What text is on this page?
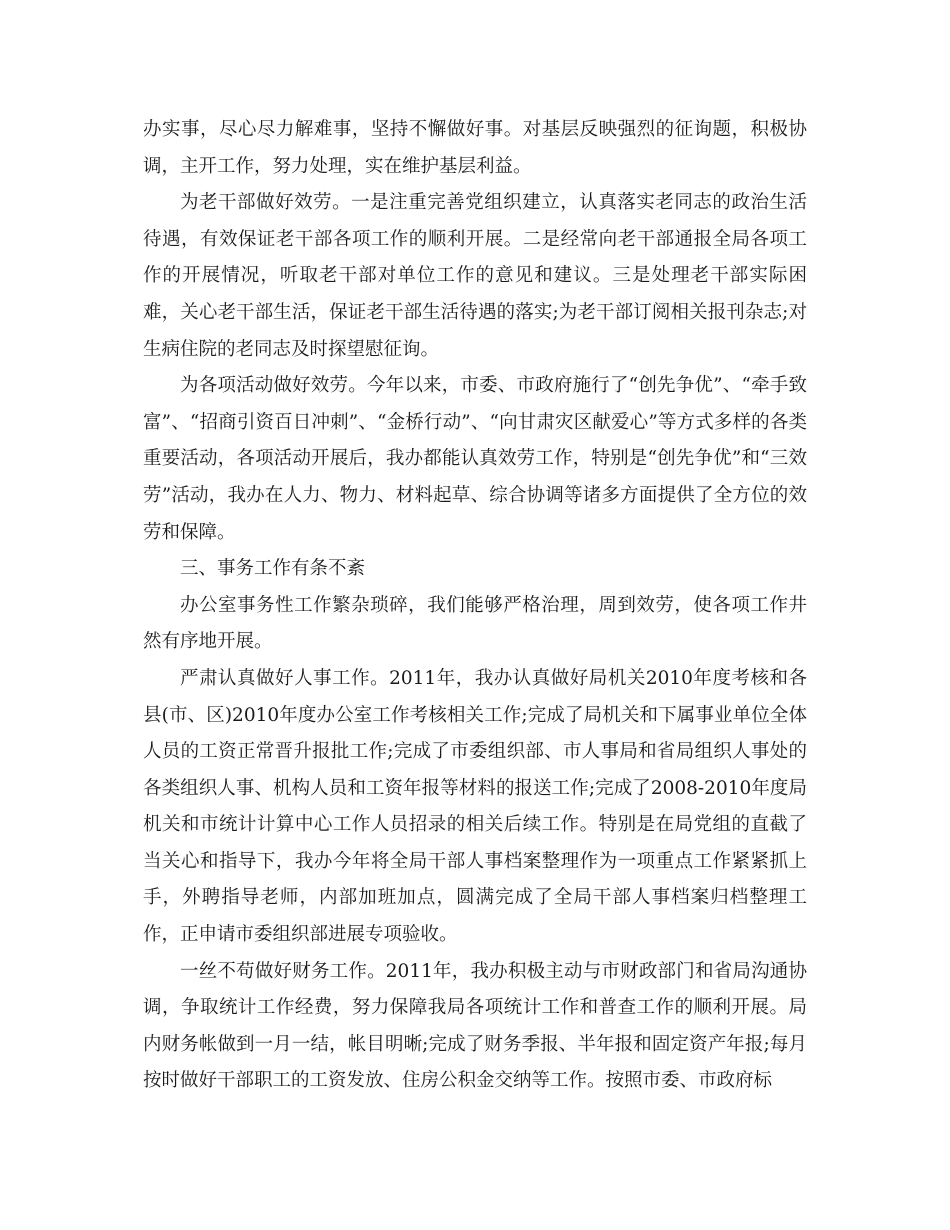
办实事，尽心尽力解难事，坚持不懈做好事。对基层反映强烈的征询题，积极协调，主开工作，努力处理，实在维护基层利益。

为老干部做好效劳。一是注重完善党组织建立，认真落实老同志的政治生活待遇，有效保证老干部各项工作的顺利开展。二是经常向老干部通报全局各项工作的开展情况，听取老干部对单位工作的意见和建议。三是处理老干部实际困难，关心老干部生活，保证老干部生活待遇的落实;为老干部订阅相关报刊杂志;对生病住院的老同志及时探望慰征询。

为各项活动做好效劳。今年以来，市委、市政府施行了“创先争优”、“牵手致富”、“招商引资百日冲刺”、“金桥行动”、“向甘肃灾区献爱心”等方式多样的各类重要活动，各项活动开展后，我办都能认真效劳工作，特别是“创先争优”和“三效劳”活动，我办在人力、物力、材料起草、综合协调等诸多方面提供了全方位的效劳和保障。

三、事务工作有条不紊

办公室事务性工作繁杂琐碎，我们能够严格治理，周到效劳，使各项工作井然有序地开展。

严肃认真做好人事工作。2011年，我办认真做好局机关2010年度考核和各县(市、区)2010年度办公室工作考核相关工作;完成了局机关和下属事业单位全体人员的工资正常晋升报批工作;完成了市委组织部、市人事局和省局组织人事处的各类组织人事、机构人员和工资年报等材料的报送工作;完成了2008-2010年度局机关和市统计计算中心工作人员招录的相关后续工作。特别是在局党组的直截了当关心和指导下，我办今年将全局干部人事档案整理作为一项重点工作紧紧抓上手，外聘指导老师，内部加班加点，圆满完成了全局干部人事档案归档整理工作，正申请市委组织部进展专项验收。

一丝不苟做好财务工作。2011年，我办积极主动与市财政部门和省局沟通协调，争取统计工作经费，努力保障我局各项统计工作和普查工作的顺利开展。局内财务帐做到一月一结，帐目明晰;完成了财务季报、半年报和固定资产年报;每月按时做好干部职工的工资发放、住房公积金交纳等工作。按照市委、市政府标
